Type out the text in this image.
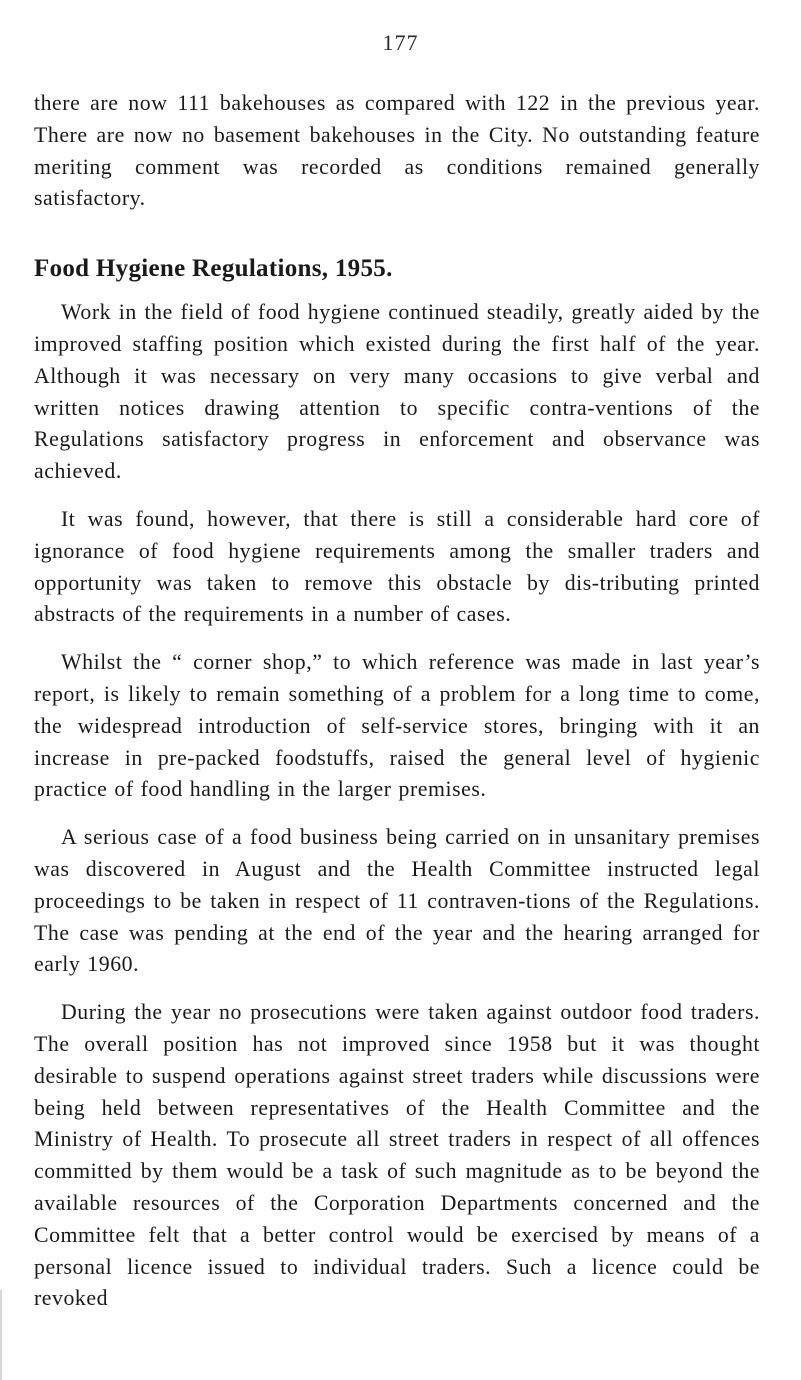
177

there are now 111 bakehouses as compared with 122 in the previous year. There are now no basement bakehouses in the City. No outstanding feature meriting comment was recorded as conditions remained generally satisfactory.

Food Hygiene Regulations, 1955.

Work in the field of food hygiene continued steadily, greatly aided by the improved staffing position which existed during the first half of the year. Although it was necessary on very many occasions to give verbal and written notices drawing attention to specific contra-ventions of the Regulations satisfactory progress in enforcement and observance was achieved.

It was found, however, that there is still a considerable hard core of ignorance of food hygiene requirements among the smaller traders and opportunity was taken to remove this obstacle by dis-tributing printed abstracts of the requirements in a number of cases.

Whilst the “ corner shop,” to which reference was made in last year’s report, is likely to remain something of a problem for a long time to come, the widespread introduction of self-service stores, bringing with it an increase in pre-packed foodstuffs, raised the general level of hygienic practice of food handling in the larger premises.

A serious case of a food business being carried on in unsanitary premises was discovered in August and the Health Committee instructed legal proceedings to be taken in respect of 11 contraven-tions of the Regulations. The case was pending at the end of the year and the hearing arranged for early 1960.

During the year no prosecutions were taken against outdoor food traders. The overall position has not improved since 1958 but it was thought desirable to suspend operations against street traders while discussions were being held between representatives of the Health Committee and the Ministry of Health. To prosecute all street traders in respect of all offences committed by them would be a task of such magnitude as to be beyond the available resources of the Corporation Departments concerned and the Committee felt that a better control would be exercised by means of a personal licence issued to individual traders. Such a licence could be revoked
